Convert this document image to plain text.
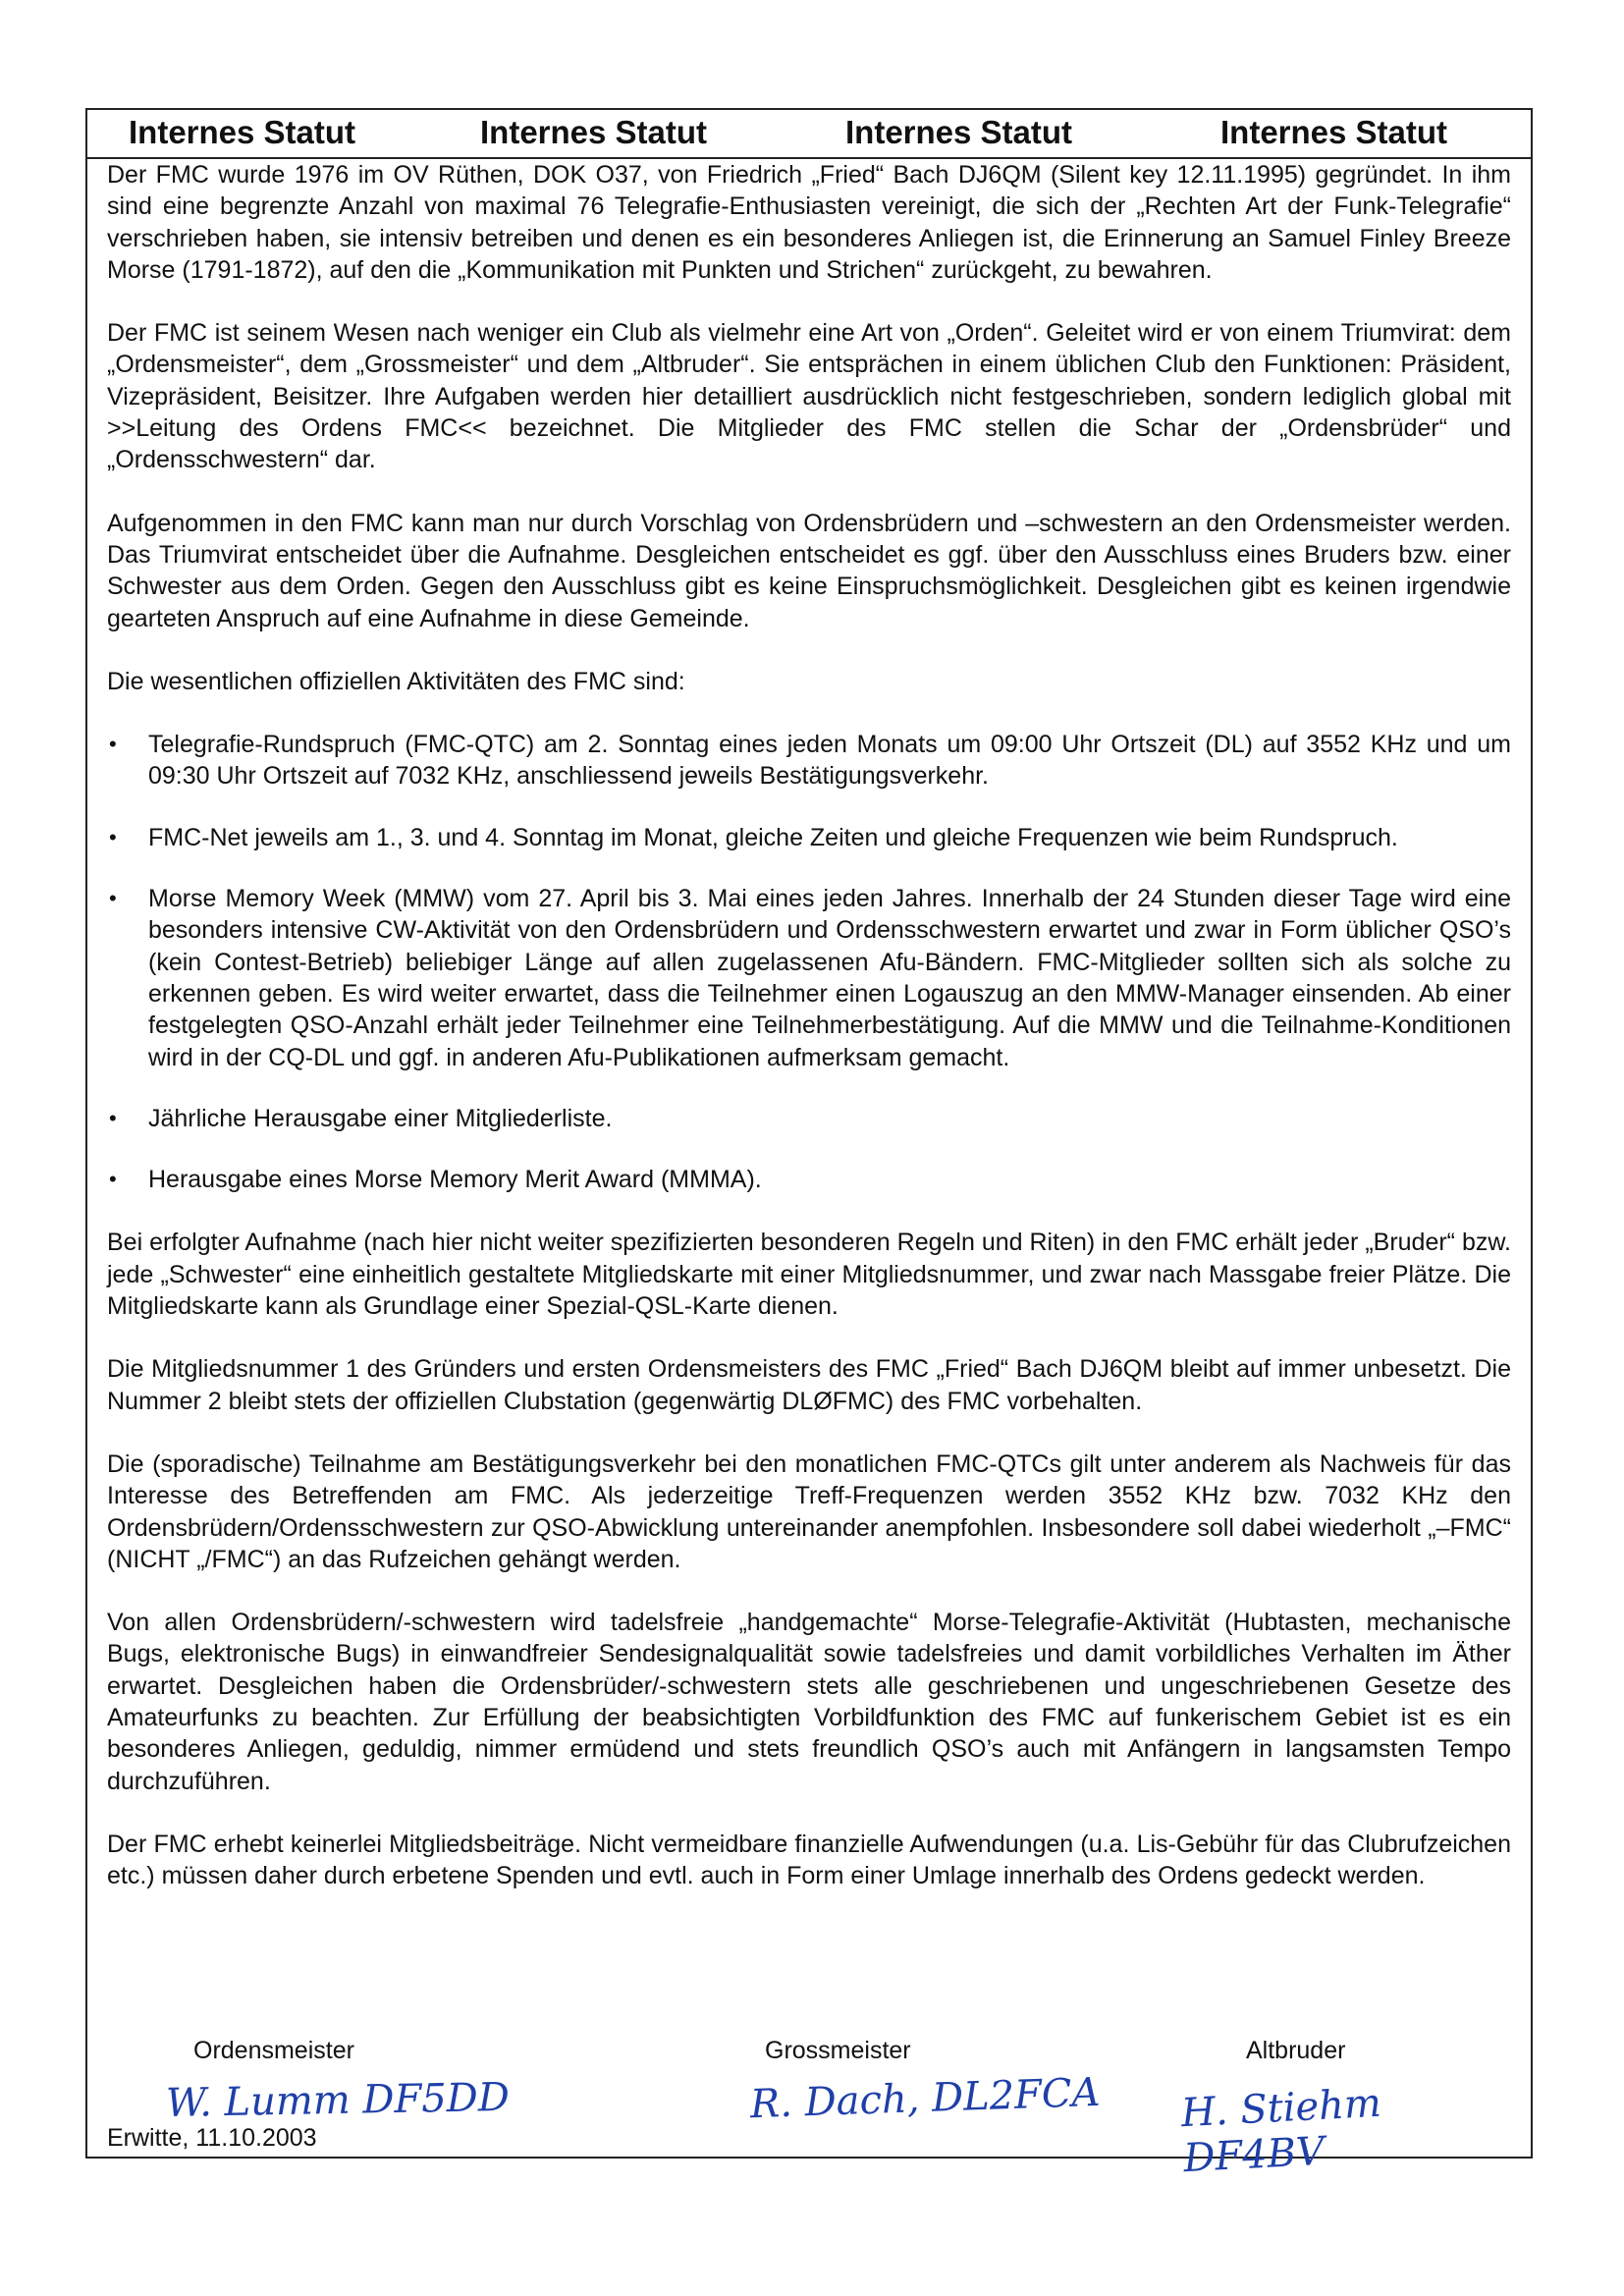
Internes Statut	Internes Statut	Internes Statut	Internes Statut

Der FMC wurde 1976 im OV Rüthen, DOK O37, von Friedrich „Fried“ Bach DJ6QM (Silent key 12.11.1995) gegründet. In ihm sind eine begrenzte Anzahl von maximal 76 Telegrafie-Enthusiasten vereinigt, die sich der „Rechten Art der Funk-Telegrafie“ verschrieben haben, sie intensiv betreiben und denen es ein besonderes Anliegen ist, die Erinnerung an Samuel Finley Breeze Morse (1791-1872), auf den die „Kommunikation mit Punkten und Strichen“ zurückgeht, zu bewahren.

Der FMC ist seinem Wesen nach weniger ein Club als vielmehr eine Art von „Orden“. Geleitet wird er von einem Triumvirat: dem „Ordensmeister“, dem „Grossmeister“ und dem „Altbruder“. Sie entsprächen in einem üblichen Club den Funktionen: Präsident, Vizepräsident, Beisitzer. Ihre Aufgaben werden hier detailliert ausdrücklich nicht festgeschrieben, sondern lediglich global mit >>Leitung des Ordens FMC<< bezeichnet. Die Mitglieder des FMC stellen die Schar der „Ordensbrüder“ und „Ordensschwestern“ dar.

Aufgenommen in den FMC kann man nur durch Vorschlag von Ordensbrüdern und –schwestern an den Ordensmeister werden. Das Triumvirat entscheidet über die Aufnahme. Desgleichen entscheidet es ggf. über den Ausschluss eines Bruders bzw. einer Schwester aus dem Orden. Gegen den Ausschluss gibt es keine Einspruchsmöglichkeit. Desgleichen gibt es keinen irgendwie gearteten Anspruch auf eine Aufnahme in diese Gemeinde.

Die wesentlichen offiziellen Aktivitäten des FMC sind:

•	Telegrafie-Rundspruch (FMC-QTC) am 2. Sonntag eines jeden Monats um 09:00 Uhr Ortszeit (DL) auf 3552 KHz und um 09:30 Uhr Ortszeit auf 7032 KHz, anschliessend jeweils Bestätigungsverkehr.
•	FMC-Net jeweils am 1., 3. und 4. Sonntag im Monat, gleiche Zeiten und gleiche Frequenzen wie beim Rundspruch.
•	Morse Memory Week (MMW) vom 27. April bis 3. Mai eines jeden Jahres. Innerhalb der 24 Stunden dieser Tage wird eine besonders intensive CW-Aktivität von den Ordensbrüdern und Ordensschwestern erwartet und zwar in Form üblicher QSO’s (kein Contest-Betrieb) beliebiger Länge auf allen zugelassenen Afu-Bändern. FMC-Mitglieder sollten sich als solche zu erkennen geben. Es wird weiter erwartet, dass die Teilnehmer einen Logauszug an den MMW-Manager einsenden. Ab einer festgelegten QSO-Anzahl erhält jeder Teilnehmer eine Teilnehmerbestätigung. Auf die MMW und die Teilnahme-Konditionen wird in der CQ-DL und ggf. in anderen Afu-Publikationen aufmerksam gemacht.
•	Jährliche Herausgabe einer Mitgliederliste.
•	Herausgabe eines Morse Memory Merit Award (MMMA).

Bei erfolgter Aufnahme (nach hier nicht weiter spezifizierten besonderen Regeln und Riten) in den FMC erhält jeder „Bruder“ bzw. jede „Schwester“ eine einheitlich gestaltete Mitgliedskarte mit einer Mitgliedsnummer, und zwar nach Massgabe freier Plätze. Die Mitgliedskarte kann als Grundlage einer Spezial-QSL-Karte dienen.

Die Mitgliedsnummer 1 des Gründers und ersten Ordensmeisters des FMC „Fried“ Bach DJ6QM bleibt auf immer unbesetzt. Die Nummer 2 bleibt stets der offiziellen Clubstation (gegenwärtig DLØFMC) des FMC vorbehalten.

Die (sporadische) Teilnahme am Bestätigungsverkehr bei den monatlichen FMC-QTCs gilt unter anderem als Nachweis für das Interesse des Betreffenden am FMC. Als jederzeitige Treff-Frequenzen werden 3552 KHz bzw. 7032 KHz den Ordensbrüdern/Ordensschwestern zur QSO-Abwicklung untereinander anempfohlen. Insbesondere soll dabei wiederholt „–FMC“ (NICHT „/FMC“) an das Rufzeichen gehängt werden.

Von allen Ordensbrüdern/-schwestern wird tadelsfreie „handgemachte“ Morse-Telegrafie-Aktivität (Hubtasten, mechanische Bugs, elektronische Bugs) in einwandfreier Sendesignalqualität sowie tadelsfreies und damit vorbildliches Verhalten im Äther erwartet. Desgleichen haben die Ordensbrüder/-schwestern stets alle geschriebenen und ungeschriebenen Gesetze des Amateurfunks zu beachten. Zur Erfüllung der beabsichtigten Vorbildfunktion des FMC auf funkerischem Gebiet ist es ein besonderes Anliegen, geduldig, nimmer ermüdend und stets freundlich QSO’s auch mit Anfängern in langsamsten Tempo durchzuführen.

Der FMC erhebt keinerlei Mitgliedsbeiträge. Nicht vermeidbare finanzielle Aufwendungen (u.a. Lis-Gebühr für das Clubrufzeichen etc.) müssen daher durch erbetene Spenden und evtl. auch in Form einer Umlage innerhalb des Ordens gedeckt werden.

Ordensmeister	Grossmeister	Altbruder
W. Lumm DF5DD	R. Dach, DL2FCA H. Stiehm DF4BV
Erwitte, 11.10.2003
